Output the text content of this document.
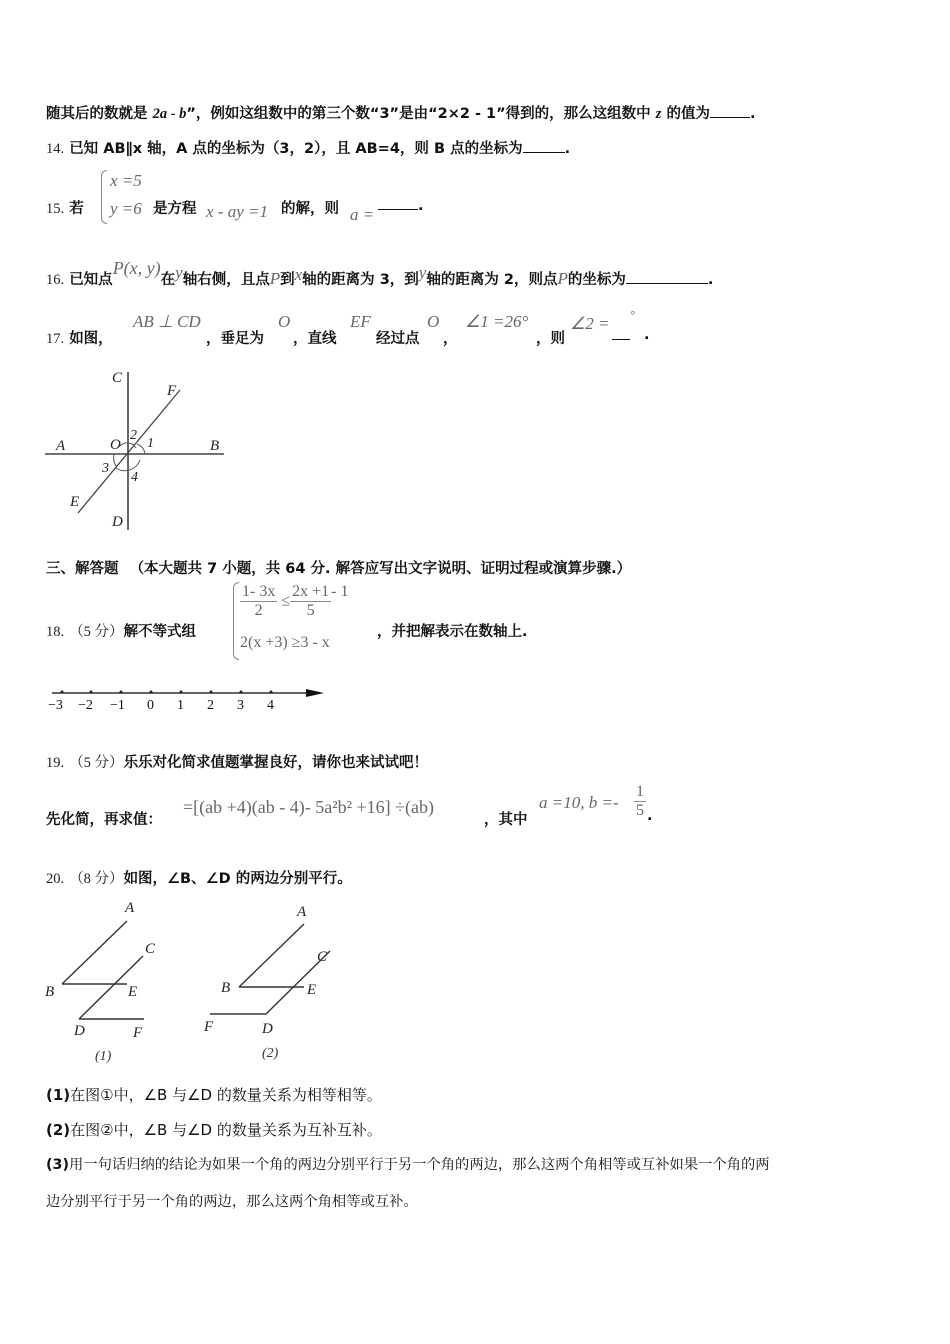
随其后的数就是 2a - b”，例如这组数中的第三个数“3”是由“2×2 - 1”得到的，那么这组数中 z 的值为	.
14. 已知 AB∥x 轴，A 点的坐标为（3，2），且 AB=4，则 B 点的坐标为	.
15. 若
x =5
y =6 是方程 x - ay =1 的解，则 a =	.
16. 已知点P(x, y)在y轴右侧，且点P到x轴的距离为 3，到y轴的距离为 2，则点P的坐标为	.
17. 如图，
AB ⊥ CD
，垂足为
O
，直线
EF
经过点
O
，
∠1 =26°
，则
∠2 = °
.
C
F
A	O
2
1	B
3
4
E
D
三、解答题 （本大题共 7 小题，共 64 分. 解答应写出文字说明、证明过程或演算步骤.）
18. （5 分）解不等式组
$\frac{1- 3x}{2} \le \frac{2x +1}{5} - 1$
2(x +3) ≥3 - x
，并把解表示在数轴上.
−3 −2 −1 0 1 2 3 4
19. （5 分）乐乐对化简求值题掌握良好，请你也来试试吧！
先化简，再求值：
=[(ab +4)(ab - 4)- 5a²b² +16] ÷(ab)
，其中
a =10, b =-
1
5 .
20. （8 分）如图，∠B、∠D 的两边分别平行。
A
C
B	E
D	F
(1)
A
C
B	E
F	D
(2)
(1)在图①中，∠B 与∠D 的数量关系为相等相等。
(2)在图②中，∠B 与∠D 的数量关系为互补互补。
(3)用一句话归纳的结论为如果一个角的两边分别平行于另一个角的两边，那么这两个角相等或互补如果一个角的两
边分别平行于另一个角的两边，那么这两个角相等或互补。
